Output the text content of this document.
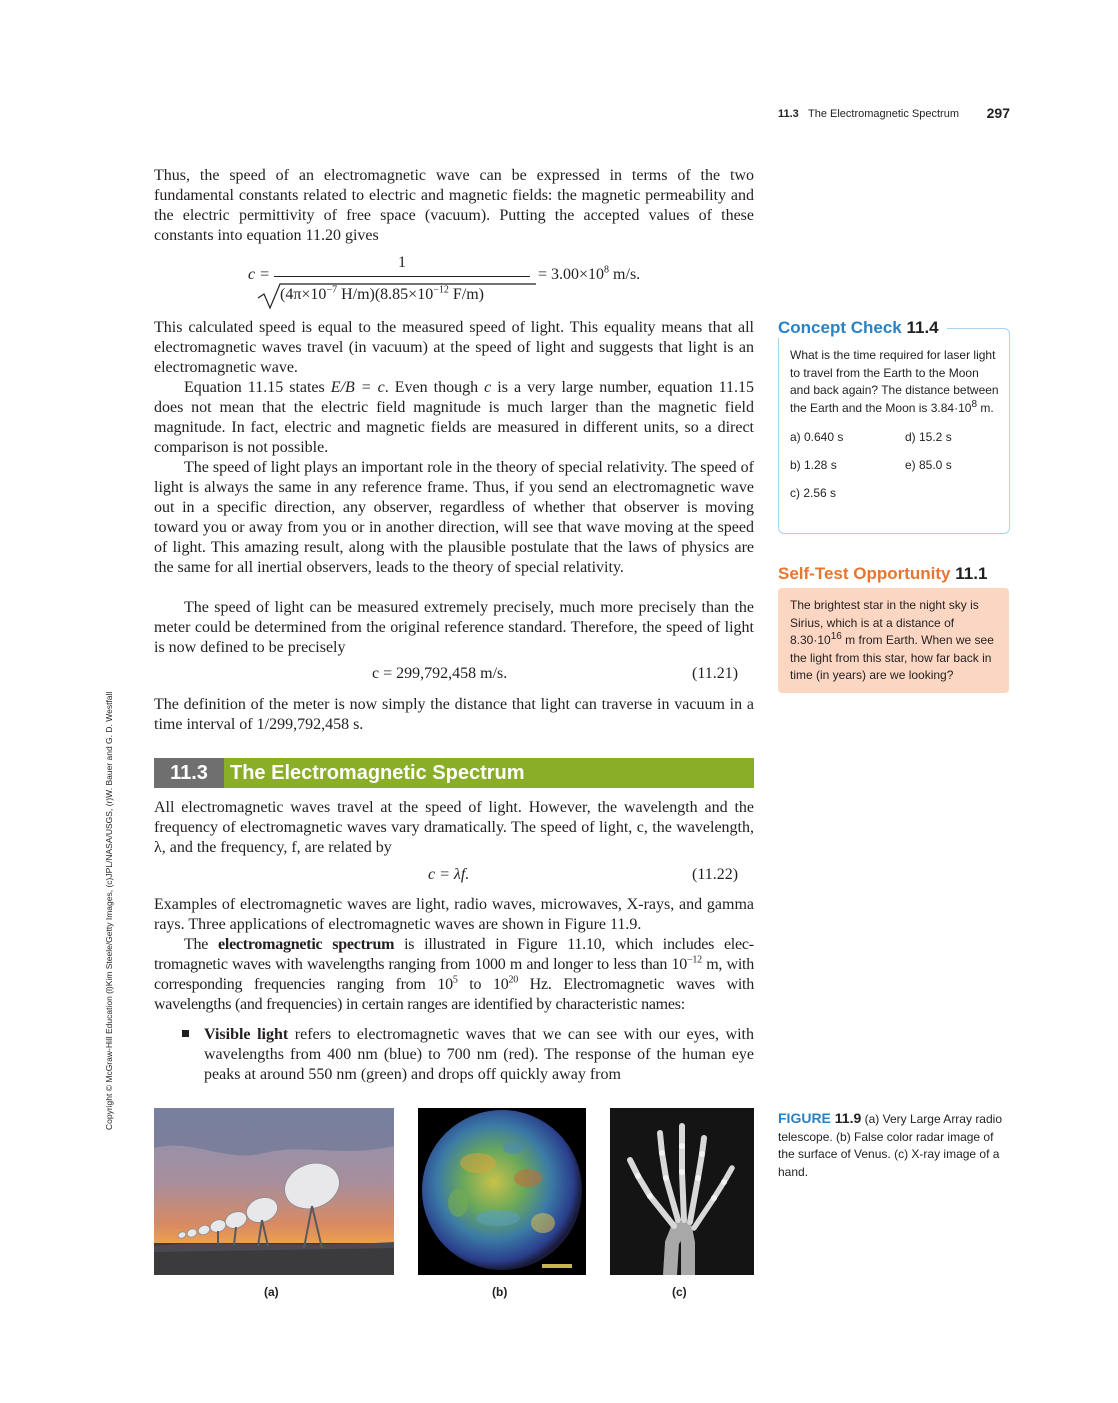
11.3 The Electromagnetic Spectrum 297
Copyright © McGraw-Hill Education (l)Kim Steele/Getty Images, (c)JPL/NASA/USGS, (r)W. Bauer and G. D. Westfall

Thus, the speed of an electromagnetic wave can be expressed in terms of the two fundamental constants related to electric and magnetic fields: the magnetic permeability and the electric permittivity of free space (vacuum). Putting the accepted values of these constants into equation 11.20 gives

c =
1
($4\pi\times 10^{-7}$ $H/m)(8.85\times 10^{-12}$ F/m)
= $3.00\times 10^8$ m/s.

This calculated speed is equal to the measured speed of light. This equality means that all electromagnetic waves travel (in vacuum) at the speed of light and suggests that light is an electromagnetic wave.

Equation 11.15 states E/B = c. Even though c is a very large number, equation 11.15 does not mean that the electric field magnitude is much larger than the magnetic field magnitude. In fact, electric and magnetic fields are measured in different units, so a direct comparison is not possible.

The speed of light plays an important role in the theory of special relativity. The speed of light is always the same in any reference frame. Thus, if you send an electromagnetic wave out in a specific direction, any observer, regardless of whether that observer is moving toward you or away from you or in another direction, will see that wave moving at the speed of light. This amazing result, along with the plausible postulate that the laws of physics are the same for all inertial observers, leads to the theory of special relativity.

The speed of light can be measured extremely precisely, much more precisely than the meter could be determined from the original reference standard. Therefore, the speed of light is now defined to be precisely

c = 299,792,458 m/s.	(11.21)

The definition of the meter is now simply the distance that light can traverse in vacuum in a time interval of 1/299,792,458 s.

11.3	The Electromagnetic Spectrum

All electromagnetic waves travel at the speed of light. However, the wavelength and the frequency of electromagnetic waves vary dramatically. The speed of light, c, the wavelength, λ, and the frequency, f, are related by

c = λf.	(11.22)

Examples of electromagnetic waves are light, radio waves, microwaves, X-rays, and gamma rays. Three applications of electromagnetic waves are shown in Figure 11.9.

The electromagnetic spectrum is illustrated in Figure 11.10, which includes electromagnetic waves with wavelengths ranging from 1000 m and longer to less than $10^{-12}$ m, with corresponding frequencies ranging from $10^5$ to $10^{20}$ Hz. Electromagnetic waves with wavelengths (and frequencies) in certain ranges are identified by characteristic names:

Visible light refers to electromagnetic waves that we can see with our eyes, with wavelengths from 400 nm (blue) to 700 nm (red). The response of the human eye peaks at around 550 nm (green) and drops off quickly away from

Concept Check 11.4

What is the time required for laser light to travel from the Earth to the Moon and back again? The distance between the Earth and the Moon is $3.84\cdot 10^8$ m.

a) 0.640 s
b) 1.28 s
c) 2.56 s
d) 15.2 s
e) 85.0 s
Self-Test Opportunity 11.1

The brightest star in the night sky is Sirius, which is at a distance of $8.30\cdot 10^{16}$ m from Earth. When we see the light from this star, how far back in time (in years) are we looking?

(a)	(b)	(c)

FIGURE 11.9 (a) Very Large Array radio telescope. (b) False color radar image of the surface of Venus. (c) X-ray image of a hand.
